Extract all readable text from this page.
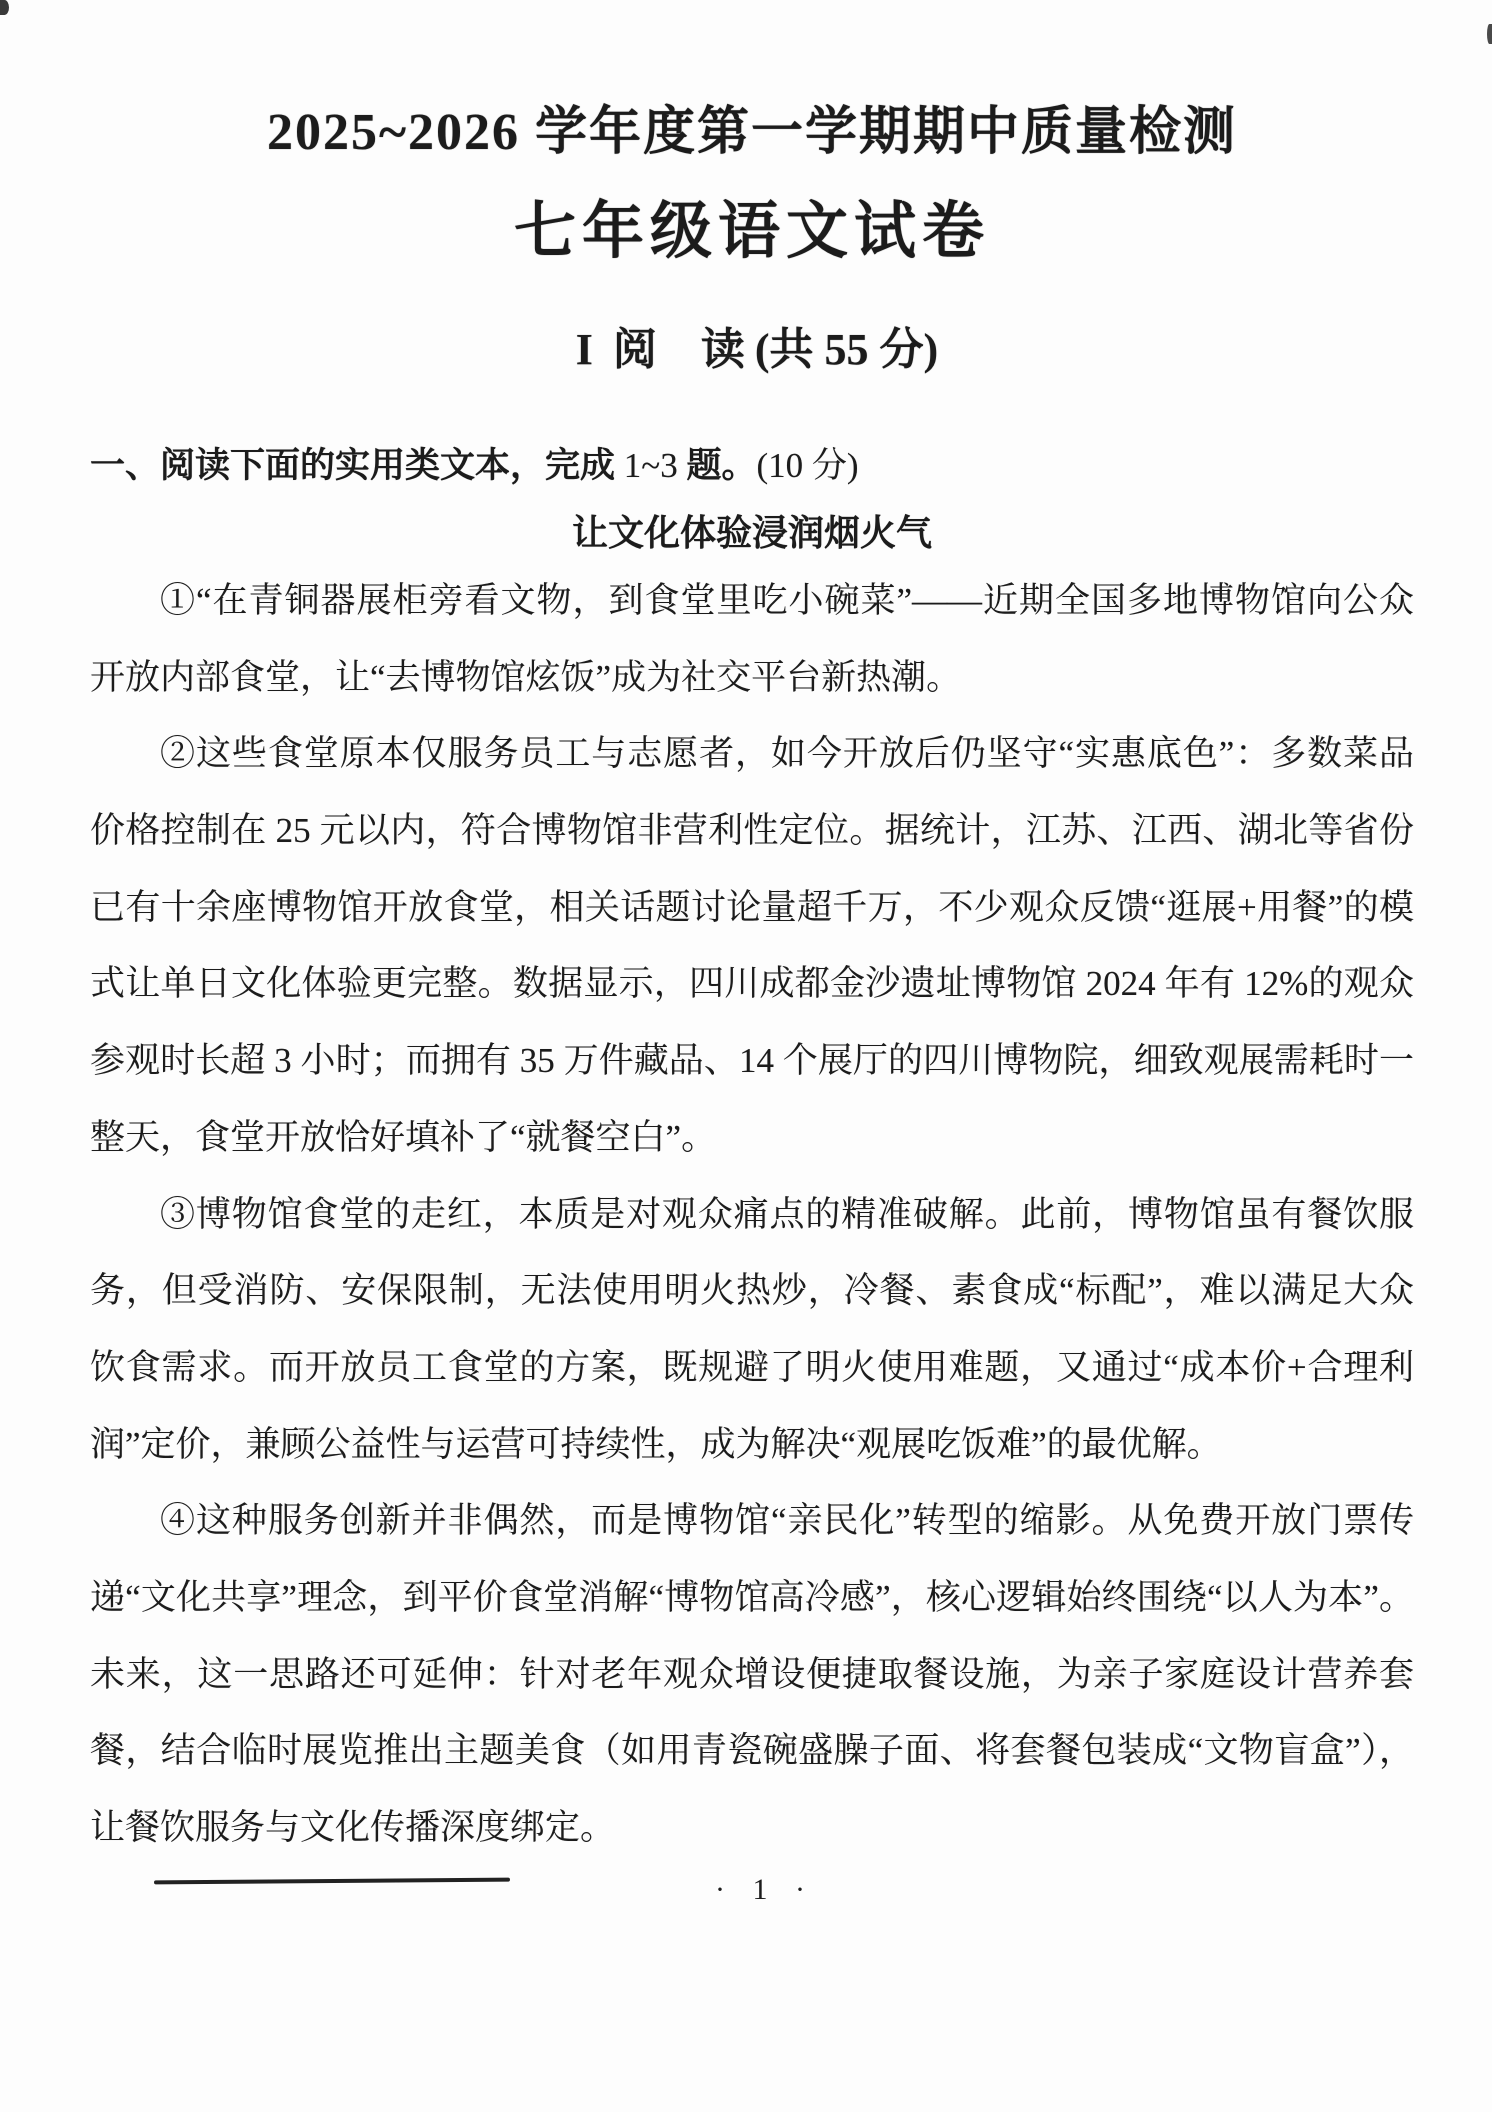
2025~2026 学年度第一学期期中质量检测
七年级语文试卷
I 阅　读 (共 55 分)

一、阅读下面的实用类文本，完成 1~3 题。(10 分)

让文化体验浸润烟火气

①“在青铜器展柜旁看文物，到食堂里吃小碗菜”——近期全国多地博物馆向公众开放内部食堂，让“去博物馆炫饭”成为社交平台新热潮。

②这些食堂原本仅服务员工与志愿者，如今开放后仍坚守“实惠底色”：多数菜品价格控制在 25 元以内，符合博物馆非营利性定位。据统计，江苏、江西、湖北等省份已有十余座博物馆开放食堂，相关话题讨论量超千万，不少观众反馈“逛展+用餐”的模式让单日文化体验更完整。数据显示，四川成都金沙遗址博物馆 2024 年有 12%的观众参观时长超 3 小时；而拥有 35 万件藏品、14 个展厅的四川博物院，细致观展需耗时一整天，食堂开放恰好填补了“就餐空白”。

③博物馆食堂的走红，本质是对观众痛点的精准破解。此前，博物馆虽有餐饮服务，但受消防、安保限制，无法使用明火热炒，冷餐、素食成“标配”，难以满足大众饮食需求。而开放员工食堂的方案，既规避了明火使用难题，又通过“成本价+合理利润”定价，兼顾公益性与运营可持续性，成为解决“观展吃饭难”的最优解。

④这种服务创新并非偶然，而是博物馆“亲民化”转型的缩影。从免费开放门票传递“文化共享”理念，到平价食堂消解“博物馆高冷感”，核心逻辑始终围绕“以人为本”。未来，这一思路还可延伸：针对老年观众增设便捷取餐设施，为亲子家庭设计营养套餐，结合临时展览推出主题美食（如用青瓷碗盛臊子面、将套餐包装成“文物盲盒”），让餐饮服务与文化传播深度绑定。

· 1 ·
